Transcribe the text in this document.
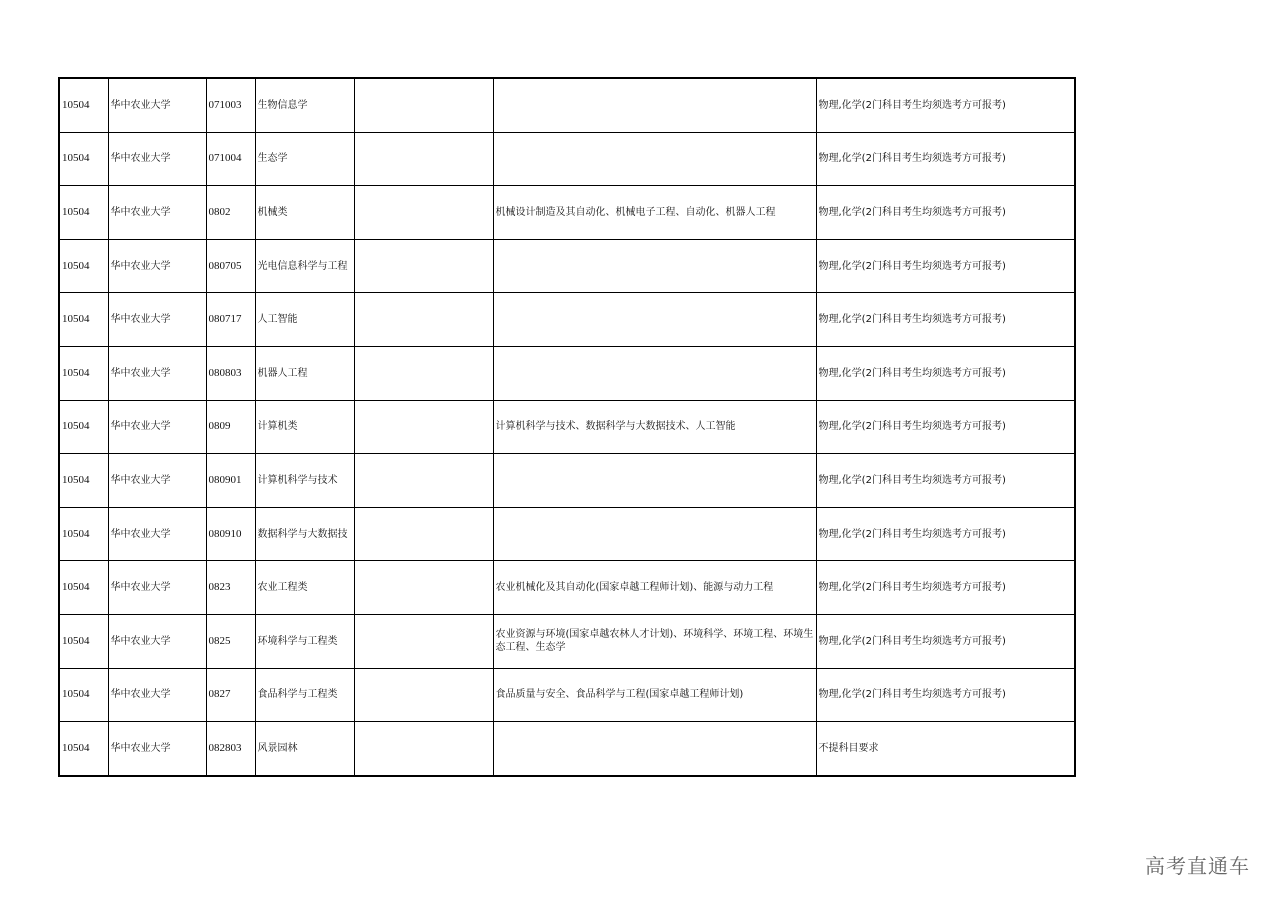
10504	华中农业大学	071003	生物信息学			物理,化学(2门科目考生均须选考方可报考)
10504	华中农业大学	071004	生态学			物理,化学(2门科目考生均须选考方可报考)
10504	华中农业大学	0802	机械类		机械设计制造及其自动化、机械电子工程、自动化、机器人工程	物理,化学(2门科目考生均须选考方可报考)
10504	华中农业大学	080705	光电信息科学与工程			物理,化学(2门科目考生均须选考方可报考)
10504	华中农业大学	080717	人工智能			物理,化学(2门科目考生均须选考方可报考)
10504	华中农业大学	080803	机器人工程			物理,化学(2门科目考生均须选考方可报考)
10504	华中农业大学	0809	计算机类		计算机科学与技术、数据科学与大数据技术、人工智能	物理,化学(2门科目考生均须选考方可报考)
10504	华中农业大学	080901	计算机科学与技术			物理,化学(2门科目考生均须选考方可报考)
10504	华中农业大学	080910	数据科学与大数据技			物理,化学(2门科目考生均须选考方可报考)
10504	华中农业大学	0823	农业工程类		农业机械化及其自动化(国家卓越工程师计划)、能源与动力工程	物理,化学(2门科目考生均须选考方可报考)
10504	华中农业大学	0825	环境科学与工程类		农业资源与环境(国家卓越农林人才计划)、环境科学、环境工程、环境生态工程、生态学	物理,化学(2门科目考生均须选考方可报考)
10504	华中农业大学	0827	食品科学与工程类		食品质量与安全、食品科学与工程(国家卓越工程师计划)	物理,化学(2门科目考生均须选考方可报考)
10504	华中农业大学	082803	风景园林			不提科目要求
高考直通车
